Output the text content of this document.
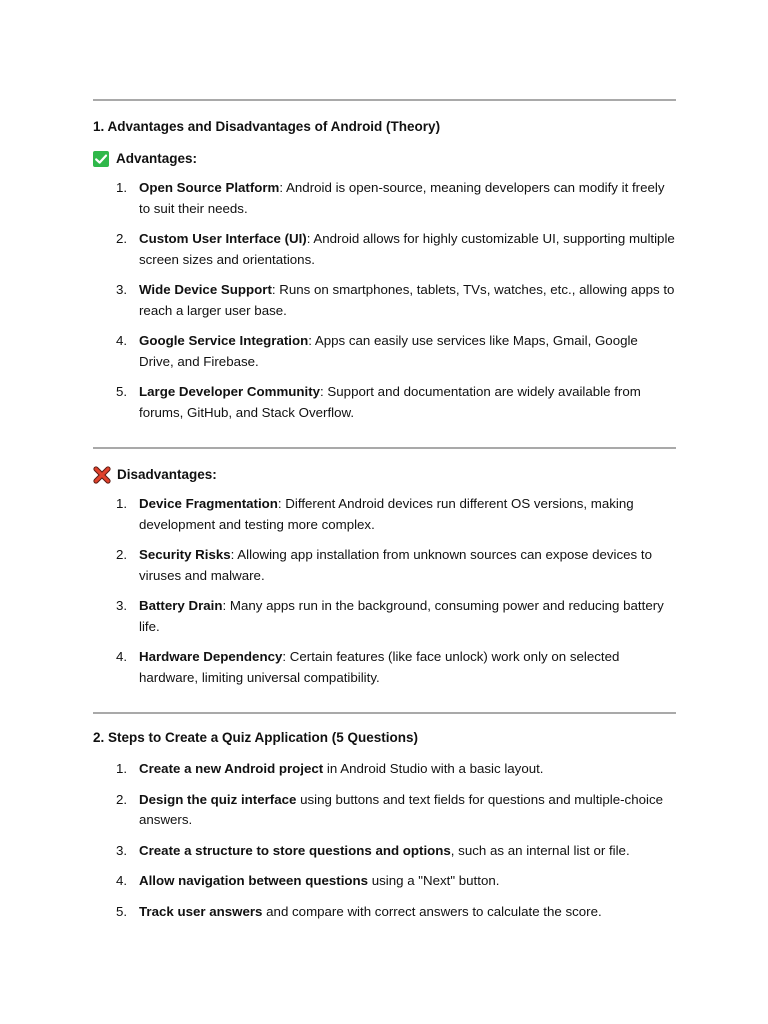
1. Advantages and Disadvantages of Android (Theory)
Advantages:
1. Open Source Platform: Android is open-source, meaning developers can modify it freely to suit their needs.
2. Custom User Interface (UI): Android allows for highly customizable UI, supporting multiple screen sizes and orientations.
3. Wide Device Support: Runs on smartphones, tablets, TVs, watches, etc., allowing apps to reach a larger user base.
4. Google Service Integration: Apps can easily use services like Maps, Gmail, Google Drive, and Firebase.
5. Large Developer Community: Support and documentation are widely available from forums, GitHub, and Stack Overflow.
Disadvantages:
1. Device Fragmentation: Different Android devices run different OS versions, making development and testing more complex.
2. Security Risks: Allowing app installation from unknown sources can expose devices to viruses and malware.
3. Battery Drain: Many apps run in the background, consuming power and reducing battery life.
4. Hardware Dependency: Certain features (like face unlock) work only on selected hardware, limiting universal compatibility.
2. Steps to Create a Quiz Application (5 Questions)
1. Create a new Android project in Android Studio with a basic layout.
2. Design the quiz interface using buttons and text fields for questions and multiple-choice answers.
3. Create a structure to store questions and options, such as an internal list or file.
4. Allow navigation between questions using a "Next" button.
5. Track user answers and compare with correct answers to calculate the score.
